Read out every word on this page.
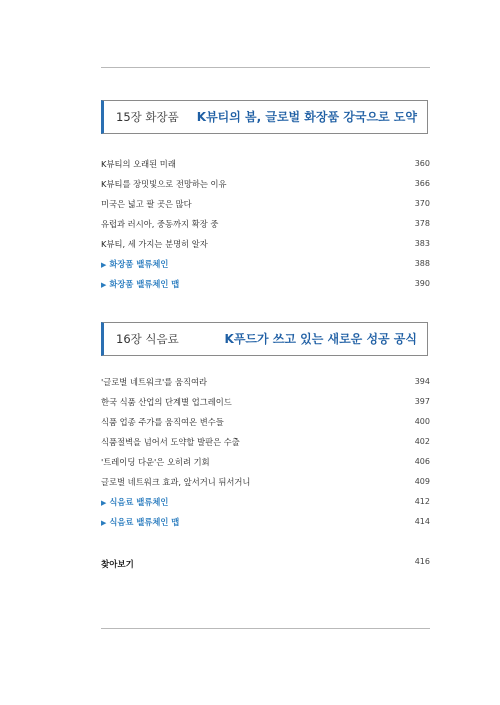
15장 화장품 K뷰티의 봄, 글로벌 화장품 강국으로 도약
K뷰티의 오래된 미래	360
K뷰티를 장밋빛으로 전망하는 이유	366
미국은 넓고 팔 곳은 많다	370
유럽과 러시아, 중동까지 확장 중	378
K뷰티, 세 가지는 분명히 알자	383
▶ 화장품 밸류체인	388
▶ 화장품 밸류체인 맵	390
16장 식음료	K푸드가 쓰고 있는 새로운 성공 공식
'글로벌 네트워크'를 움직여라	394
한국 식품 산업의 단계별 업그레이드	397
식품 업종 주가를 움직여온 변수들	400
식품절벽을 넘어서 도약할 발판은 수출	402
'트레이딩 다운'은 오히려 기회	406
글로벌 네트워크 효과, 앞서거니 뒤서거니	409
▶ 식음료 밸류체인	412
▶ 식음료 밸류체인 맵	414
찾아보기	416
